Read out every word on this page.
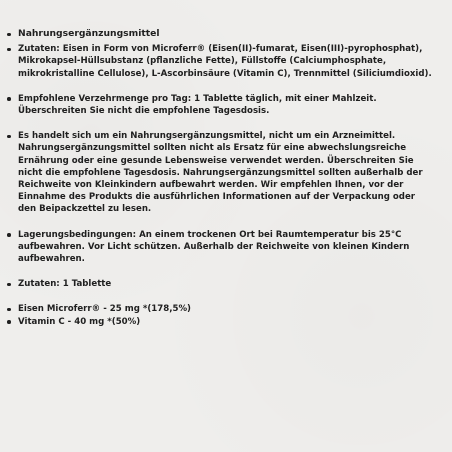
Nahrungsergänzungsmittel
Zutaten: Eisen in Form von Microferr® (Eisen(II)-fumarat, Eisen(III)-pyrophosphat), Mikrokapsel-Hüllsubstanz (pflanzliche Fette), Füllstoffe (Calciumphosphate, mikrokristalline Cellulose), L-Ascorbinsäure (Vitamin C), Trennmittel (Siliciumdioxid).
Empfohlene Verzehrmenge pro Tag: 1 Tablette täglich, mit einer Mahlzeit. Überschreiten Sie nicht die empfohlene Tagesdosis.
Es handelt sich um ein Nahrungsergänzungsmittel, nicht um ein Arzneimittel. Nahrungsergänzungsmittel sollten nicht als Ersatz für eine abwechslungsreiche Ernährung oder eine gesunde Lebensweise verwendet werden. Überschreiten Sie nicht die empfohlene Tagesdosis. Nahrungsergänzungsmittel sollten außerhalb der Reichweite von Kleinkindern aufbewahrt werden. Wir empfehlen Ihnen, vor der Einnahme des Produkts die ausführlichen Informationen auf der Verpackung oder den Beipackzettel zu lesen.
Lagerungsbedingungen: An einem trockenen Ort bei Raumtemperatur bis 25°C aufbewahren. Vor Licht schützen. Außerhalb der Reichweite von kleinen Kindern aufbewahren.
Zutaten: 1 Tablette
Eisen Microferr® - 25 mg *(178,5%)
Vitamin C - 40 mg *(50%)
